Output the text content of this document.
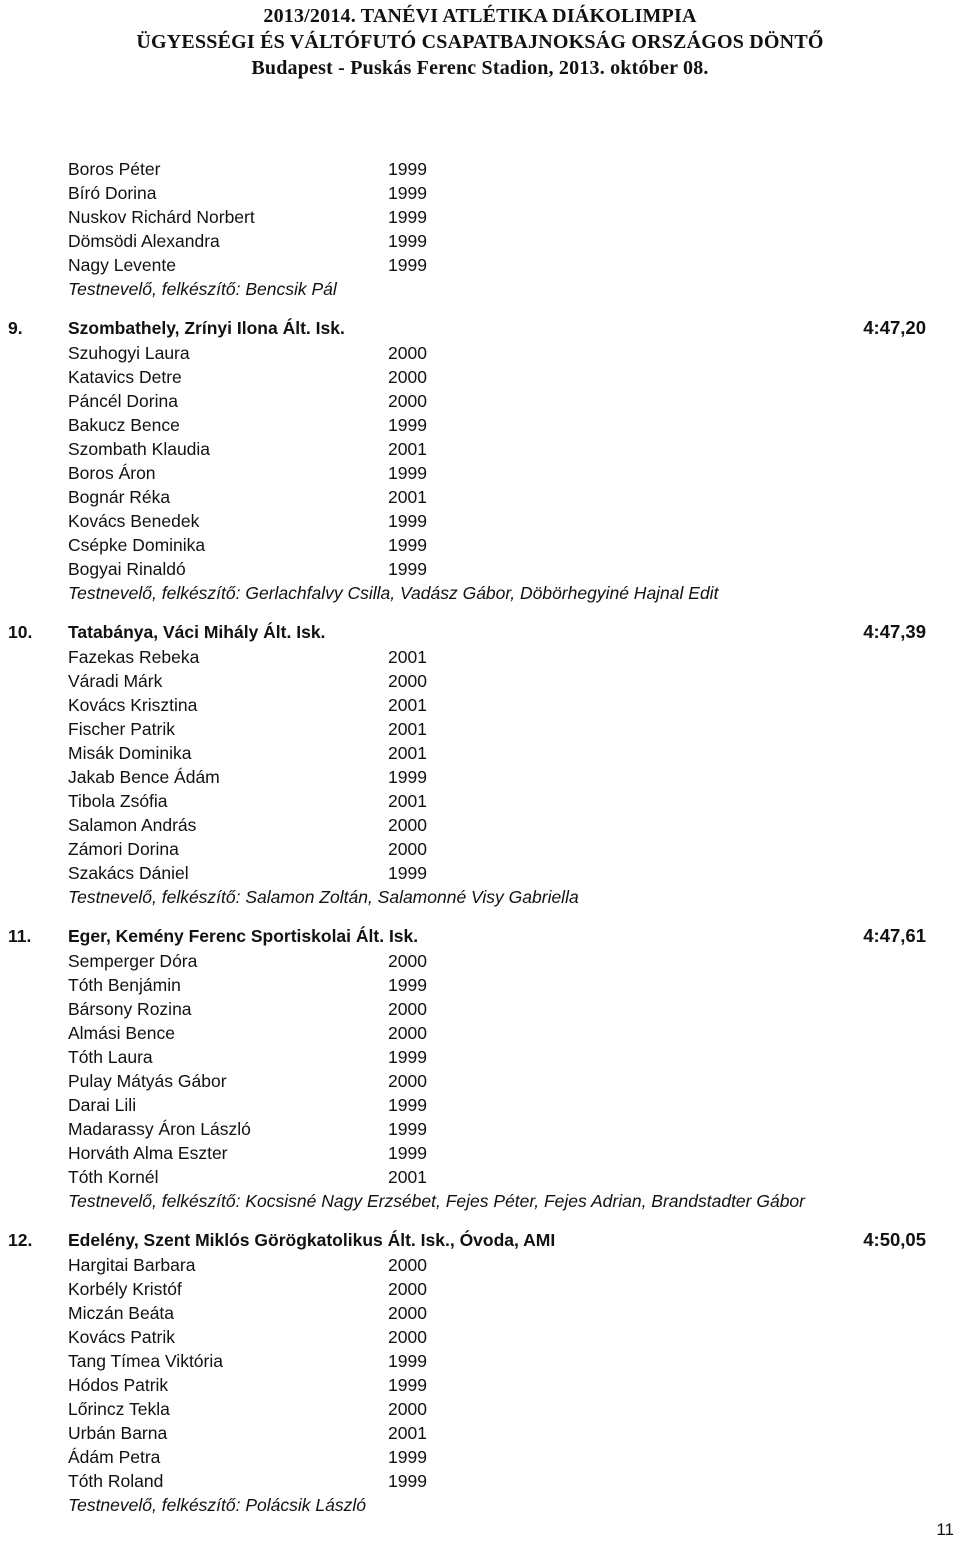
2013/2014. TANÉVI ATLÉTIKA DIÁKOLIMPIA
ÜGYESSÉGI ÉS VÁLTÓFUTÓ CSAPATBAJNOKSÁG ORSZÁGOS DÖNTŐ
Budapest - Puskás Ferenc Stadion, 2013. október 08.
Boros Péter	1999
Bíró Dorina	1999
Nuskov Richárd Norbert	1999
Dömsödi Alexandra	1999
Nagy Levente	1999
Testnevelő, felkészítő: Bencsik Pál
9.	Szombathely, Zrínyi Ilona Ált. Isk.	4:47,20
Szuhogyi Laura	2000
Katavics Detre	2000
Páncél Dorina	2000
Bakucz Bence	1999
Szombath Klaudia	2001
Boros Áron	1999
Bognár Réka	2001
Kovács Benedek	1999
Csépke Dominika	1999
Bogyai Rinaldó	1999
Testnevelő, felkészítő: Gerlachfalvy Csilla, Vadász Gábor, Döbörhegyiné Hajnal Edit
10. Tatabánya, Váci Mihály Ált. Isk.	4:47,39
Fazekas Rebeka	2001
Váradi Márk	2000
Kovács Krisztina	2001
Fischer Patrik	2001
Misák Dominika	2001
Jakab Bence Ádám	1999
Tibola Zsófia	2001
Salamon András	2000
Zámori Dorina	2000
Szakács Dániel	1999
Testnevelő, felkészítő: Salamon Zoltán, Salamonné Visy Gabriella
11. Eger, Kemény Ferenc Sportiskolai Ált. Isk.	4:47,61
Semperger Dóra	2000
Tóth Benjámin	1999
Bársony Rozina	2000
Almási Bence	2000
Tóth Laura	1999
Pulay Mátyás Gábor	2000
Darai Lili	1999
Madarassy Áron László	1999
Horváth Alma Eszter	1999
Tóth Kornél	2001
Testnevelő, felkészítő: Kocsisné Nagy Erzsébet, Fejes Péter, Fejes Adrian, Brandstadter Gábor
12. Edelény, Szent Miklós Görögkatolikus Ált. Isk., Óvoda, AMI	4:50,05
Hargitai Barbara	2000
Korbély Kristóf	2000
Miczán Beáta	2000
Kovács Patrik	2000
Tang Tímea Viktória	1999
Hódos Patrik	1999
Lőrincz Tekla	2000
Urbán Barna	2001
Ádám Petra	1999
Tóth Roland	1999
Testnevelő, felkészítő: Polácsik László
11
